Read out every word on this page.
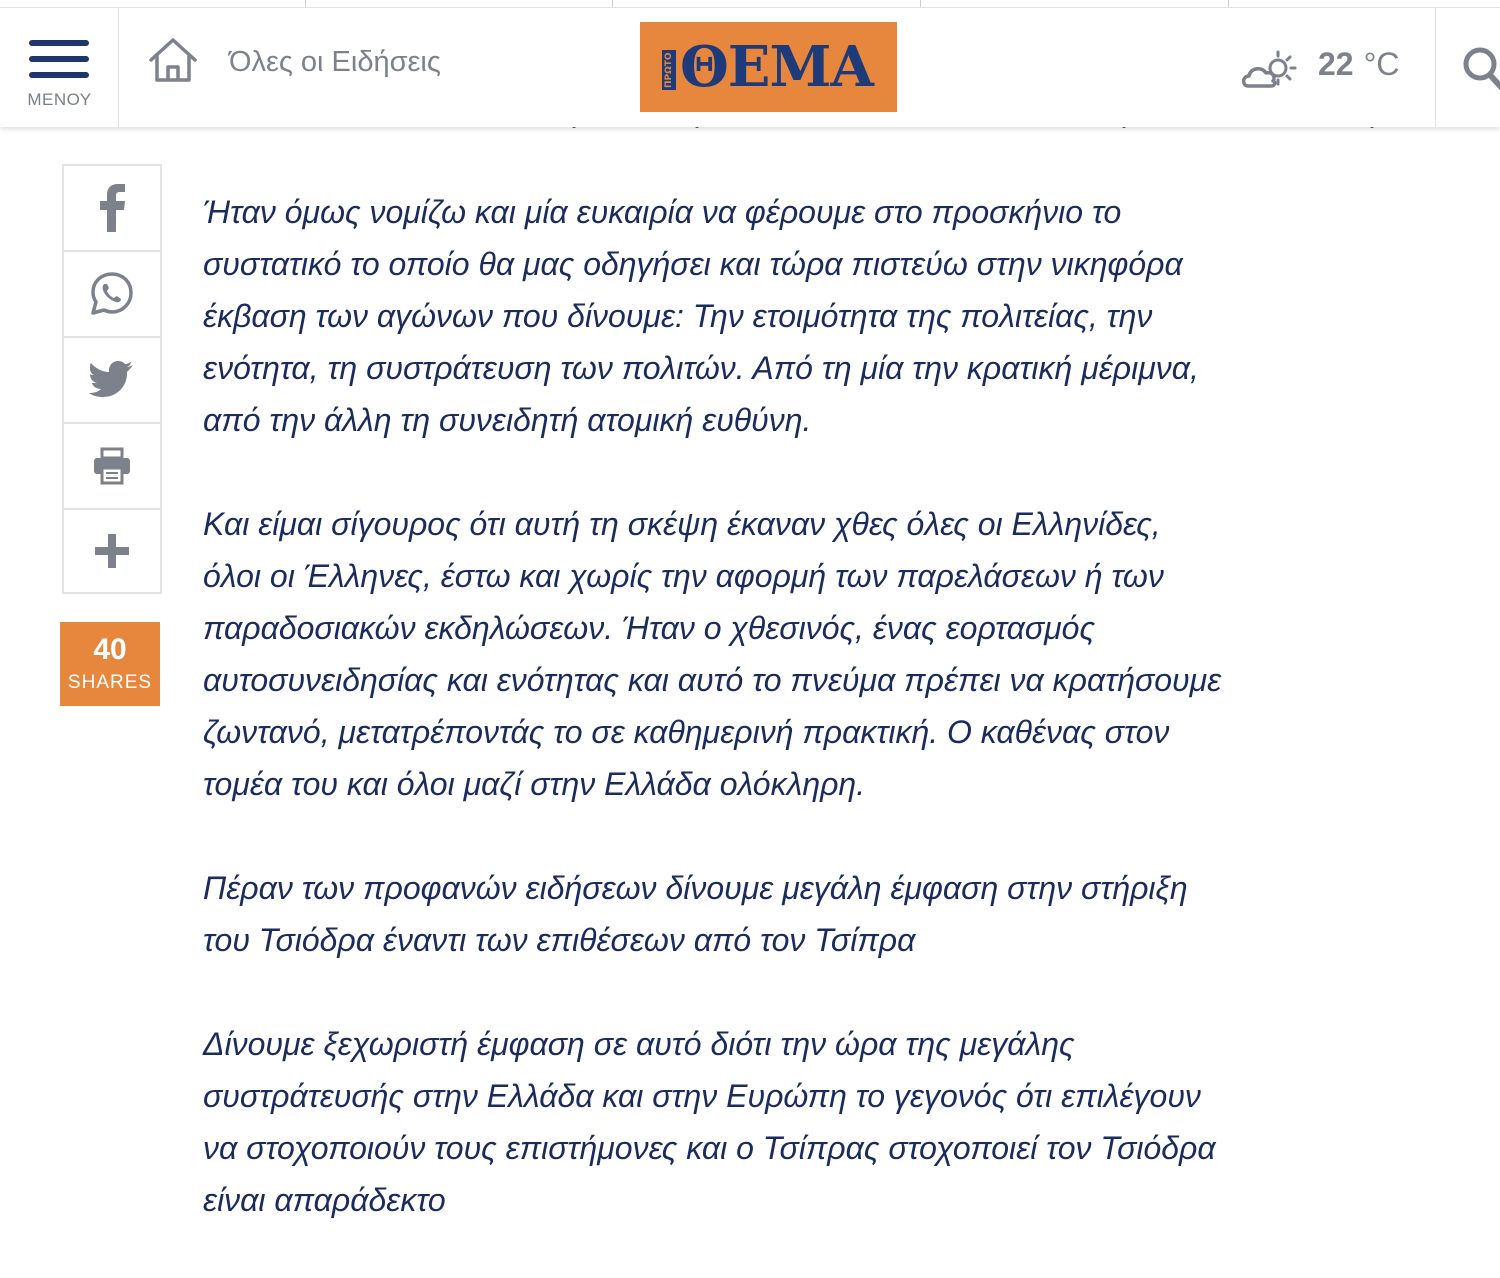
ΜΕΝΟΥ
Όλες οι Ειδήσεις	ΠΡΩΤΟ ΘΕΜΑ	22 °C
40
SHARES

Ήταν όμως νομίζω και μία ευκαιρία να φέρουμε στο προσκήνιο το
συστατικό το οποίο θα μας οδηγήσει και τώρα πιστεύω στην νικηφόρα
έκβαση των αγώνων που δίνουμε: Την ετοιμότητα της πολιτείας, την
ενότητα, τη συστράτευση των πολιτών. Από τη μία την κρατική μέριμνα,
από την άλλη τη συνειδητή ατομική ευθύνη.

Και είμαι σίγουρος ότι αυτή τη σκέψη έκαναν χθες όλες οι Ελληνίδες,
όλοι οι Έλληνες, έστω και χωρίς την αφορμή των παρελάσεων ή των
παραδοσιακών εκδηλώσεων. Ήταν ο χθεσινός, ένας εορτασμός
αυτοσυνειδησίας και ενότητας και αυτό το πνεύμα πρέπει να κρατήσουμε
ζωντανό, μετατρέποντάς το σε καθημερινή πρακτική. Ο καθένας στον
τομέα του και όλοι μαζί στην Ελλάδα ολόκληρη.

Πέραν των προφανών ειδήσεων δίνουμε μεγάλη έμφαση στην στήριξη
του Τσιόδρα έναντι των επιθέσεων από τον Τσίπρα

Δίνουμε ξεχωριστή έμφαση σε αυτό διότι την ώρα της μεγάλης
συστράτευσής στην Ελλάδα και στην Ευρώπη το γεγονός ότι επιλέγουν
να στοχοποιούν τους επιστήμονες και ο Τσίπρας στοχοποιεί τον Τσιόδρα
είναι απαράδεκτο
